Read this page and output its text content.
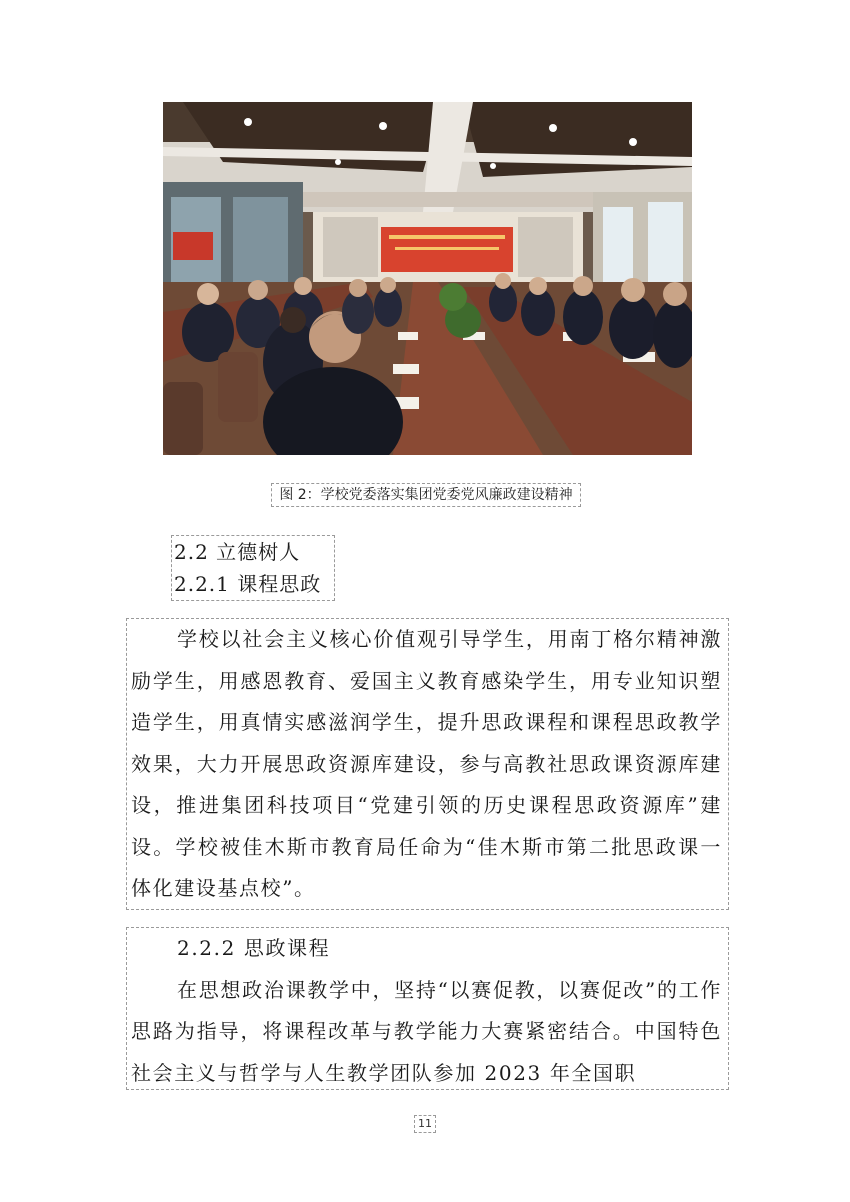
图 2：学校党委落实集团党委党风廉政建设精神
2.2 立德树人
2.2.1 课程思政

学校以社会主义核心价值观引导学生，用南丁格尔精神激励学生，用感恩教育、爱国主义教育感染学生，用专业知识塑造学生，用真情实感滋润学生，提升思政课程和课程思政教学效果，大力开展思政资源库建设，参与高教社思政课资源库建设，推进集团科技项目“党建引领的历史课程思政资源库”建设。学校被佳木斯市教育局任命为“佳木斯市第二批思政课一体化建设基点校”。

2.2.2 思政课程

在思想政治课教学中，坚持“以赛促教，以赛促改”的工作思路为指导，将课程改革与教学能力大赛紧密结合。中国特色社会主义与哲学与人生教学团队参加 2023 年全国职

11
